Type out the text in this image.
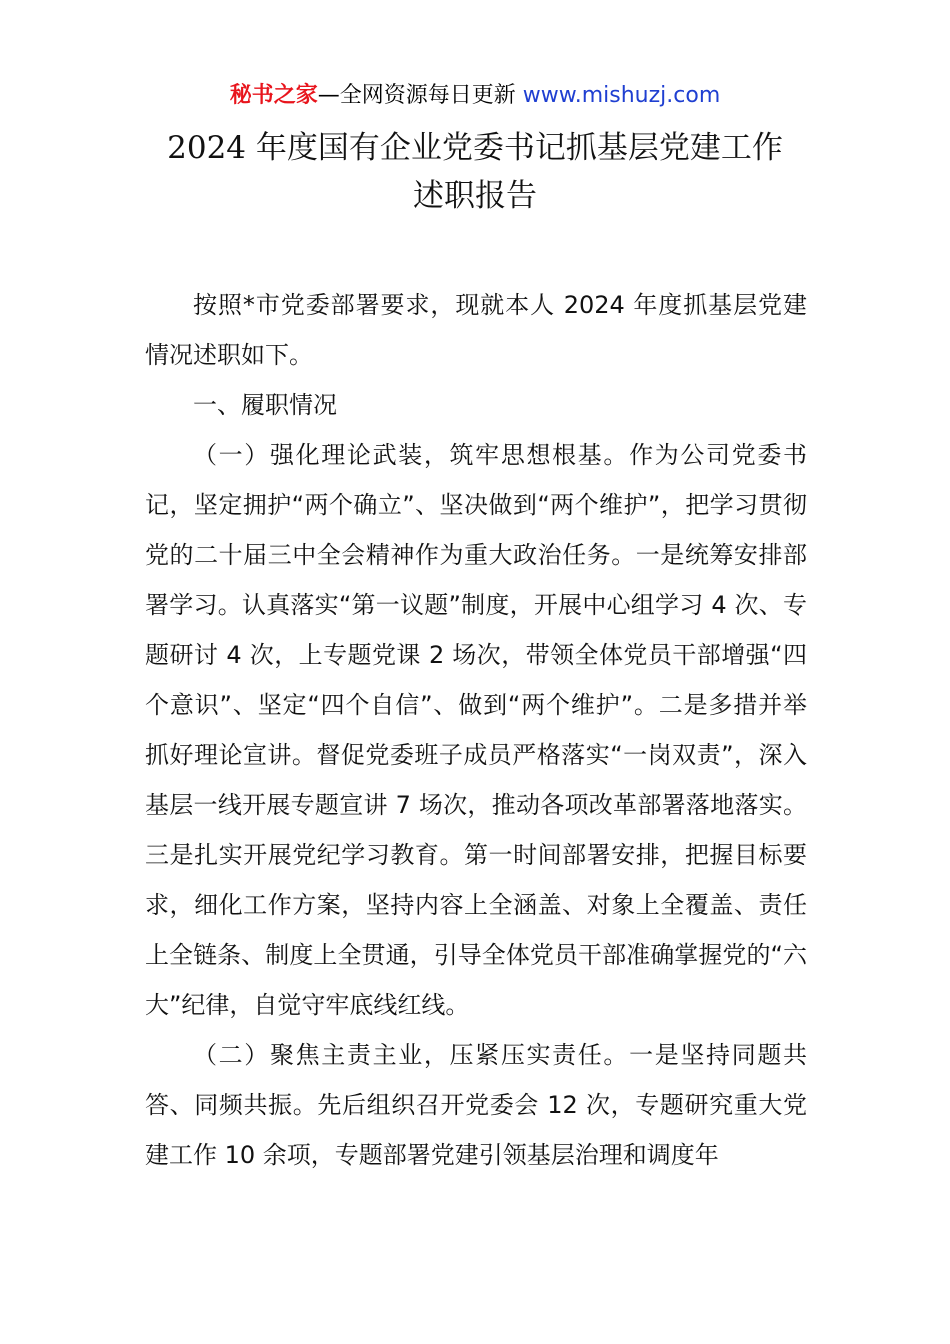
秘书之家—全网资源每日更新 www.mishuzj.com
2024 年度国有企业党委书记抓基层党建工作
述职报告

按照*市党委部署要求，现就本人 2024 年度抓基层党建情况述职如下。

一、履职情况

（一）强化理论武装，筑牢思想根基。作为公司党委书记，坚定拥护“两个确立”、坚决做到“两个维护”，把学习贯彻党的二十届三中全会精神作为重大政治任务。一是统筹安排部署学习。认真落实“第一议题”制度，开展中心组学习 4 次、专题研讨 4 次，上专题党课 2 场次，带领全体党员干部增强“四个意识”、坚定“四个自信”、做到“两个维护”。二是多措并举抓好理论宣讲。督促党委班子成员严格落实“一岗双责”，深入基层一线开展专题宣讲 7 场次，推动各项改革部署落地落实。三是扎实开展党纪学习教育。第一时间部署安排，把握目标要求，细化工作方案，坚持内容上全涵盖、对象上全覆盖、责任上全链条、制度上全贯通，引导全体党员干部准确掌握党的“六大”纪律，自觉守牢底线红线。

（二）聚焦主责主业，压紧压实责任。一是坚持同题共答、同频共振。先后组织召开党委会 12 次，专题研究重大党建工作 10 余项，专题部署党建引领基层治理和调度年
